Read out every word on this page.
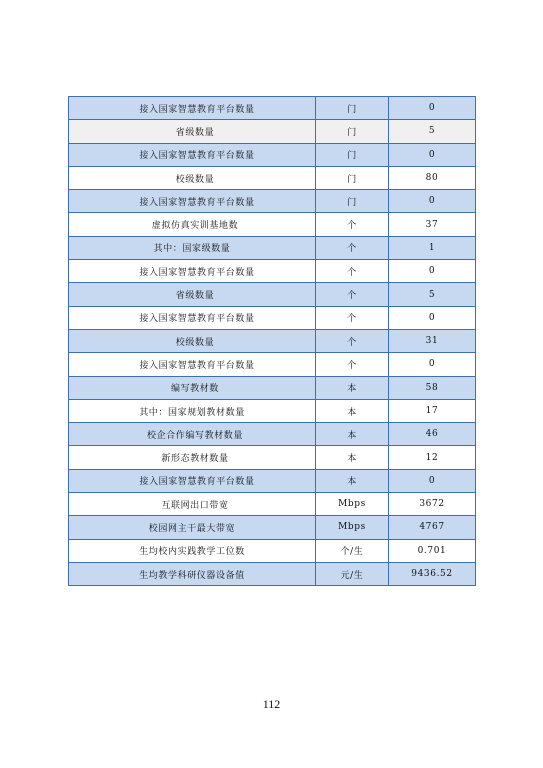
接入国家智慧教育平台数量	门	0
省级数量	门	5
接入国家智慧教育平台数量	门	0
校级数量	门	80
接入国家智慧教育平台数量	门	0
虚拟仿真实训基地数	个	37
其中：国家级数量	个	1
接入国家智慧教育平台数量	个	0
省级数量	个	5
接入国家智慧教育平台数量	个	0
校级数量	个	31
接入国家智慧教育平台数量	个	0
编写教材数	本	58
其中：国家规划教材数量	本	17
校企合作编写教材数量	本	46
新形态教材数量	本	12
接入国家智慧教育平台数量	本	0
互联网出口带宽	Mbps	3672
校园网主干最大带宽	Mbps	4767
生均校内实践教学工位数	个/生	0.701
生均教学科研仪器设备值	元/生	9436.52
112
